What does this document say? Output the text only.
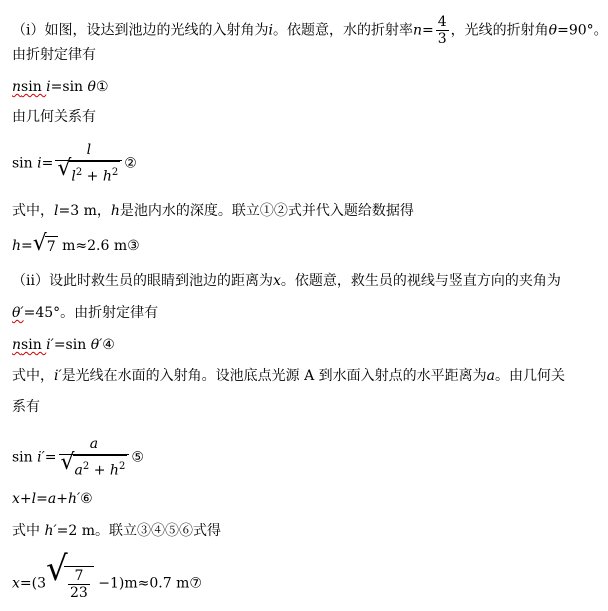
（i）如图，设达到池边的光线的入射角为i。依题意，水的折射率$n= \frac{4}{3}$ ，光线的折射角θ=90°。
由折射定律有
nsin i=sin θ①
由几何关系有
$\sin i= \frac{l}{√ l^2 + h^2}$ ②
式中，l=3 m，h是池内水的深度。联立①②式并代入题给数据得
h= √ 7 m≈2.6 m③
（ii）设此时救生员的眼睛到池边的距离为x。依题意，救生员的视线与竖直方向的夹角为
θ′=45°。由折射定律有
nsin i′=sin θ′④
式中，i′是光线在水面的入射角。设池底点光源 A 到水面入射点的水平距离为a。由几何关
系有
$\sin i'= \frac{a}{√ a^2 + h^2}$ ⑤
x+l=a+h′⑥
式中 h′=2 m。联立③④⑤⑥式得
x=(3 √ $\frac{7}{23} -1)m\approx 0.7$ m⑦
